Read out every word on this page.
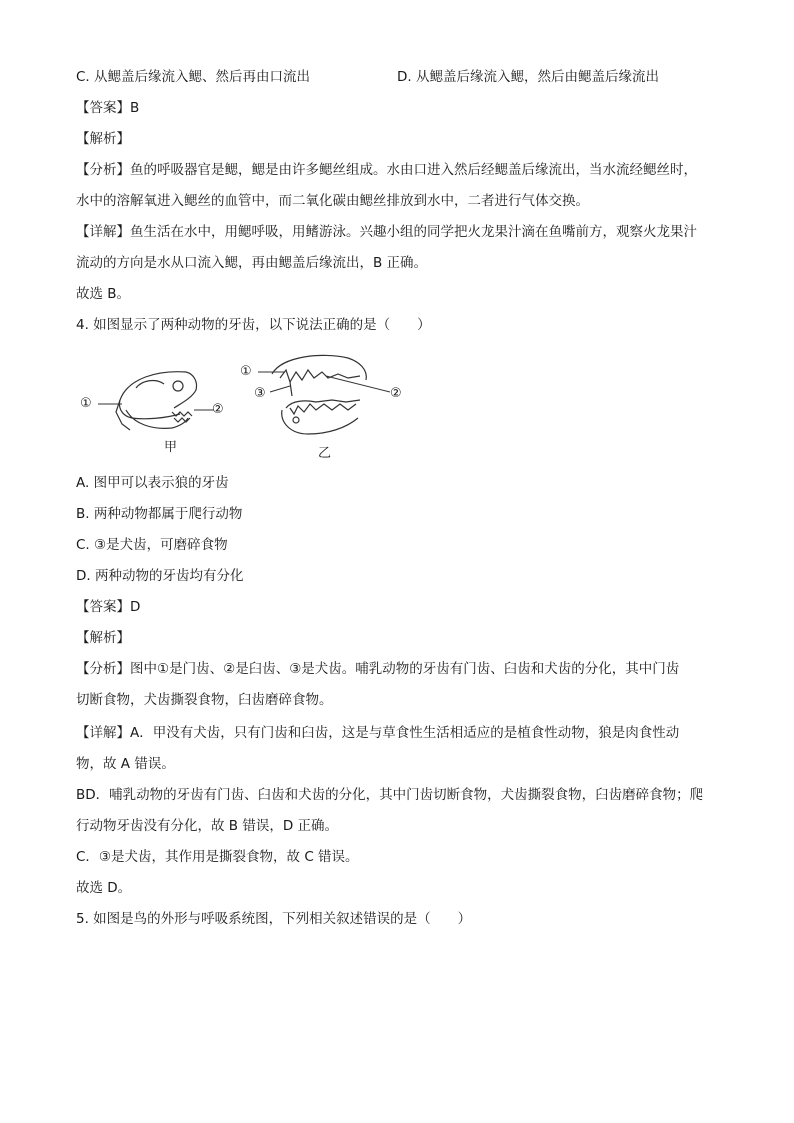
C. 从鳃盖后缘流入鳃、然后再由口流出	D. 从鳃盖后缘流入鳃，然后由鳃盖后缘流出
【答案】B
【解析】
【分析】鱼的呼吸器官是鳃，鳃是由许多鳃丝组成。水由口进入然后经鳃盖后缘流出，当水流经鳃丝时，
水中的溶解氧进入鳃丝的血管中，而二氧化碳由鳃丝排放到水中，二者进行气体交换。
【详解】鱼生活在水中，用鳃呼吸，用鳍游泳。兴趣小组的同学把火龙果汁滴在鱼嘴前方，观察火龙果汁
流动的方向是水从口流入鳃，再由鳃盖后缘流出，B 正确。
故选 B。
4. 如图显示了两种动物的牙齿，以下说法正确的是（　　）
①	②
①
③	②
甲	乙
A. 图甲可以表示狼的牙齿
B. 两种动物都属于爬行动物
C. ③是犬齿，可磨碎食物
D. 两种动物的牙齿均有分化
【答案】D
【解析】
【分析】图中①是门齿、②是臼齿、③是犬齿。哺乳动物的牙齿有门齿、臼齿和犬齿的分化，其中门齿
切断食物，犬齿撕裂食物，臼齿磨碎食物。
【详解】A．甲没有犬齿，只有门齿和臼齿，这是与草食性生活相适应的是植食性动物，狼是肉食性动
物，故 A 错误。
BD．哺乳动物的牙齿有门齿、臼齿和犬齿的分化，其中门齿切断食物，犬齿撕裂食物，臼齿磨碎食物；爬
行动物牙齿没有分化，故 B 错误，D 正确。
C．③是犬齿，其作用是撕裂食物，故 C 错误。
故选 D。
5. 如图是鸟的外形与呼吸系统图，下列相关叙述错误的是（　　）
